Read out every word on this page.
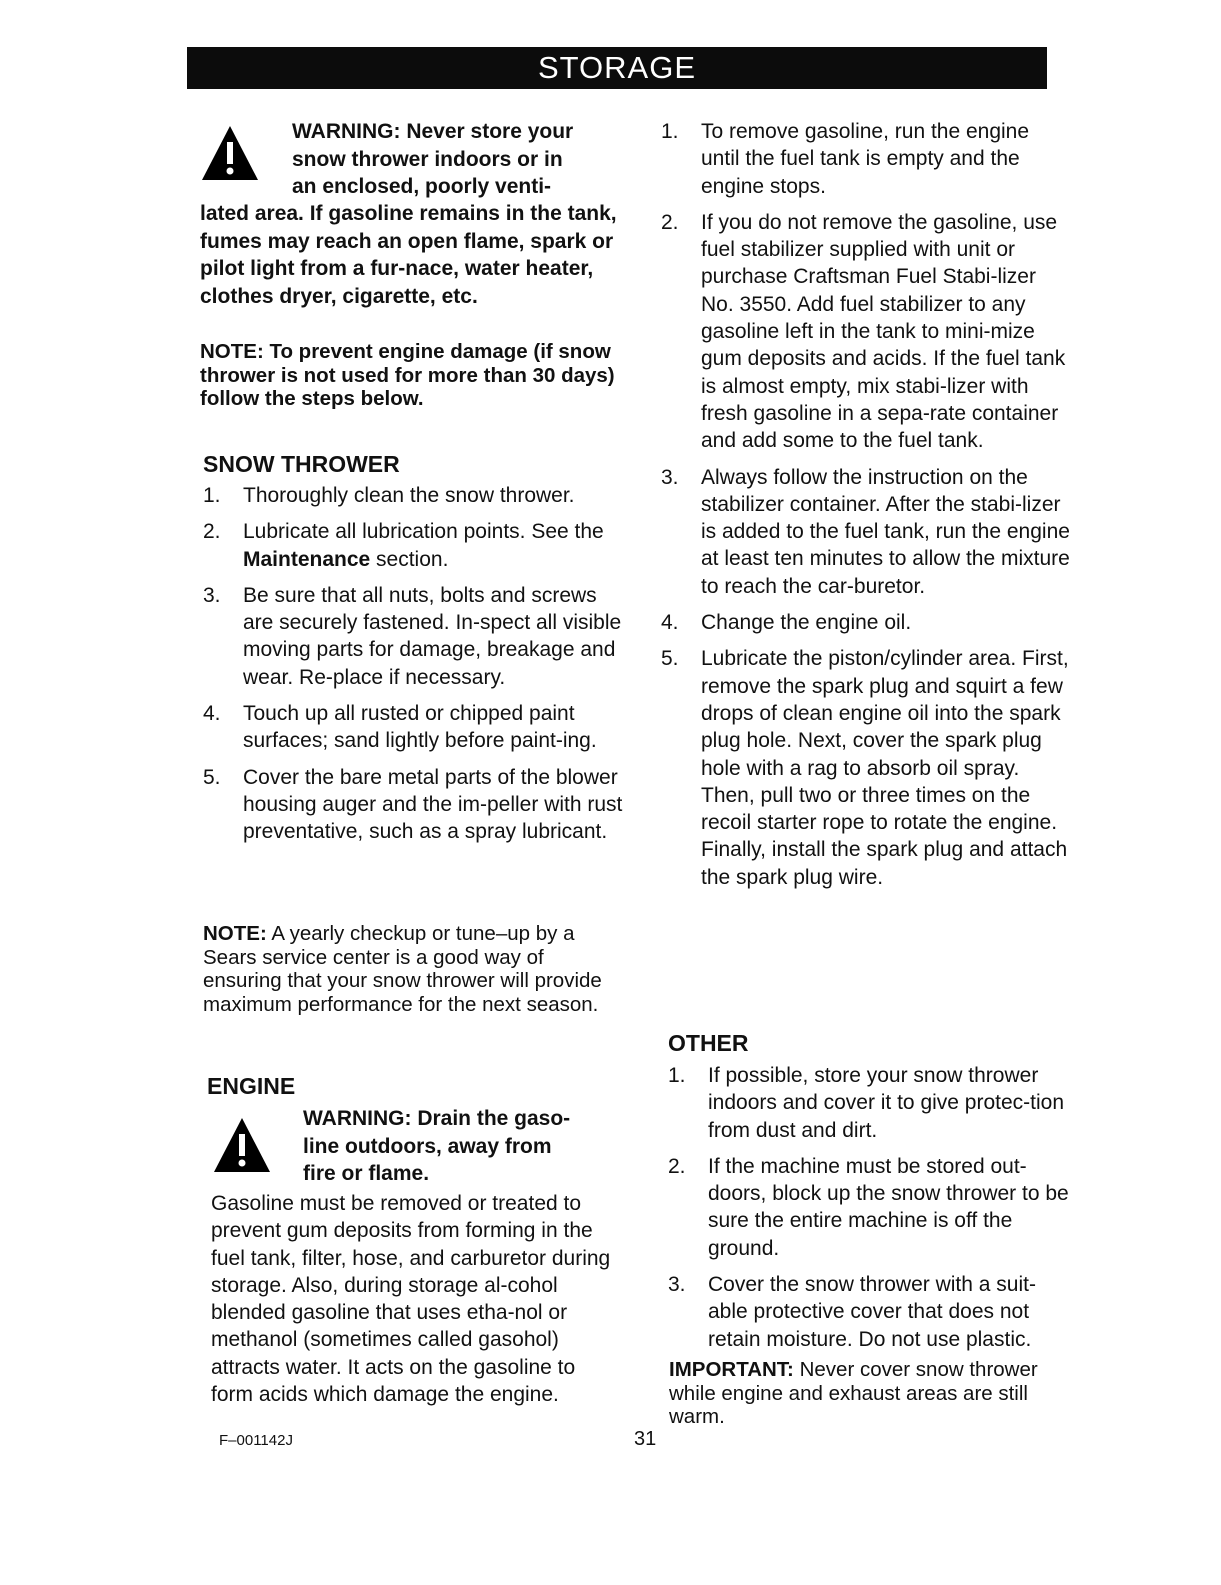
STORAGE

WARNING: Never store your

snow thrower indoors or in

an enclosed, poorly venti-

lated area. If gasoline remains in the tank, fumes may reach an open flame, spark or pilot light from a fur-nace, water heater, clothes dryer, cigarette, etc.

NOTE: To prevent engine damage (if snow thrower is not used for more than 30 days) follow the steps below.

SNOW THROWER
1. Thoroughly clean the snow thrower.
2. Lubricate all lubrication points. See the Maintenance section.
3. Be sure that all nuts, bolts and screws are securely fastened. In-spect all visible moving parts for damage, breakage and wear. Re-place if necessary.
4. Touch up all rusted or chipped paint surfaces; sand lightly before paint-ing.
5. Cover the bare metal parts of the blower housing auger and the im-peller with rust preventative, such as a spray lubricant.

NOTE: A yearly checkup or tune–up by a Sears service center is a good way of ensuring that your snow thrower will provide maximum performance for the next season.

ENGINE

WARNING: Drain the gaso-

line outdoors, away from

fire or flame.

Gasoline must be removed or treated to prevent gum deposits from forming in the fuel tank, filter, hose, and carburetor during storage. Also, during storage al-cohol blended gasoline that uses etha-nol or methanol (sometimes called gasohol) attracts water. It acts on the gasoline to form acids which damage the engine.

F–001142J
1. To remove gasoline, run the engine until the fuel tank is empty and the engine stops.
2. If you do not remove the gasoline, use fuel stabilizer supplied with unit or purchase Craftsman Fuel Stabi-lizer No. 3550. Add fuel stabilizer to any gasoline left in the tank to mini-mize gum deposits and acids. If the fuel tank is almost empty, mix stabi-lizer with fresh gasoline in a sepa-rate container and add some to the fuel tank.
3. Always follow the instruction on the stabilizer container. After the stabi-lizer is added to the fuel tank, run the engine at least ten minutes to allow the mixture to reach the car-buretor.
4. Change the engine oil.
5. Lubricate the piston/cylinder area. First, remove the spark plug and squirt a few drops of clean engine oil into the spark plug hole. Next, cover the spark plug hole with a rag to absorb oil spray. Then, pull two or three times on the recoil starter rope to rotate the engine. Finally, install the spark plug and attach the spark plug wire.
OTHER
1. If possible, store your snow thrower indoors and cover it to give protec-tion from dust and dirt.
2. If the machine must be stored out-doors, block up the snow thrower to be sure the entire machine is off the ground.
3. Cover the snow thrower with a suit-able protective cover that does not retain moisture. Do not use plastic.

IMPORTANT: Never cover snow thrower while engine and exhaust areas are still warm.

31
